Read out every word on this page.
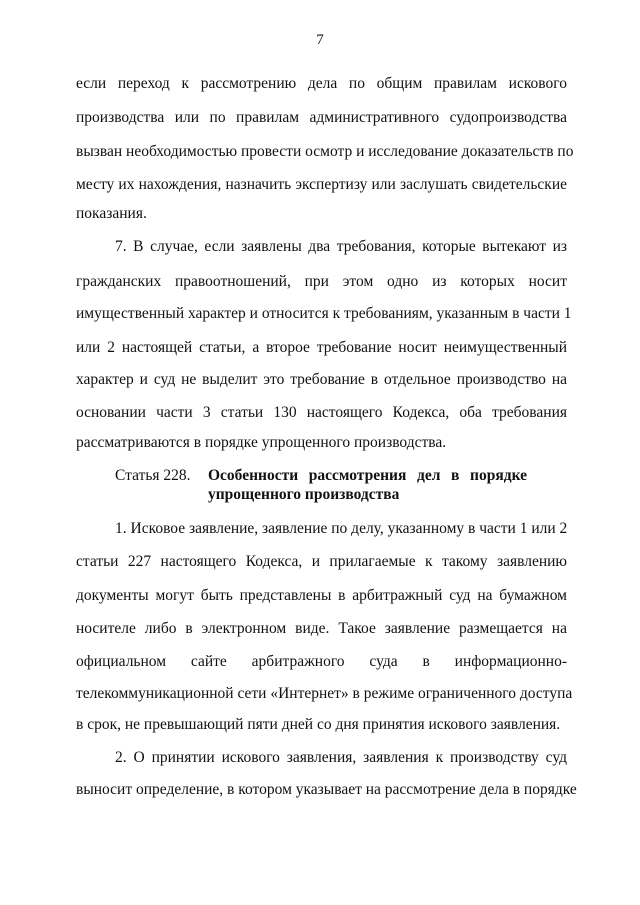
7
если переход к рассмотрению дела по общим правилам искового
производства или по правилам административного судопроизводства
вызван необходимостью провести осмотр и исследование доказательств по
месту их нахождения, назначить экспертизу или заслушать свидетельские
показания.
7. В случае, если заявлены два требования, которые вытекают из
гражданских правоотношений, при этом одно из которых носит
имущественный характер и относится к требованиям, указанным в части 1
или 2 настоящей статьи, а второе требование носит неимущественный
характер и суд не выделит это требование в отдельное производство на
основании части 3 статьи 130 настоящего Кодекса, оба требования
рассматриваются в порядке упрощенного производства.
Статья 228. Особенности рассмотрения дел в порядке
упрощенного производства
1. Исковое заявление, заявление по делу, указанному в части 1 или 2
статьи 227 настоящего Кодекса, и прилагаемые к такому заявлению
документы могут быть представлены в арбитражный суд на бумажном
носителе либо в электронном виде. Такое заявление размещается на
официальном сайте арбитражного суда в информационно-
телекоммуникационной сети «Интернет» в режиме ограниченного доступа
в срок, не превышающий пяти дней со дня принятия искового заявления.
2. О принятии искового заявления, заявления к производству суд
выносит определение, в котором указывает на рассмотрение дела в порядке
